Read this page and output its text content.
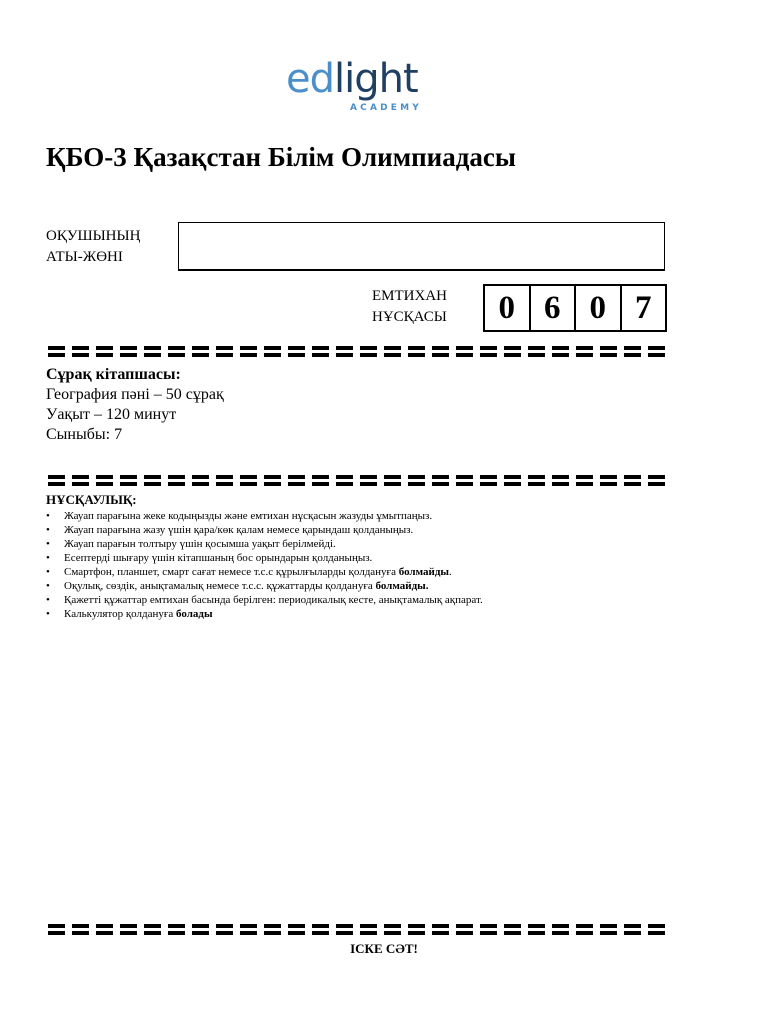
edlight
ACADEMY
ҚБО-3 Қазақстан Білім Олимпиадасы
ОҚУШЫНЫҢ
АТЫ-ЖӨНІ
ЕМТИХАН
НҰСҚАСЫ	0 6 0 7
Сұрақ кітапшасы:
География пәні – 50 сұрақ
Уақыт – 120 минут
Сыныбы: 7
НҰСҚАУЛЫҚ:
• Жауап парағына жеке кодыңызды және емтихан нұсқасын жазуды ұмытпаңыз.
• Жауап парағына жазу үшін қара/көк қалам немесе қарындаш қолданыңыз.
• Жауап парағын толтыру үшін қосымша уақыт берілмейді.
• Есептерді шығару үшін кітапшаның бос орындарын қолданыңыз.
• Смартфон, планшет, смарт сағат немесе т.с.с құрылғыларды қолдануға болмайды.
• Оқулық, сөздік, анықтамалық немесе т.с.с. құжаттарды қолдануға болмайды.
• Қажетті құжаттар емтихан басында берілген: периодикалық кесте, анықтамалық ақпарат.
• Калькулятор қолдануға болады
ІСКЕ СӘТ!
